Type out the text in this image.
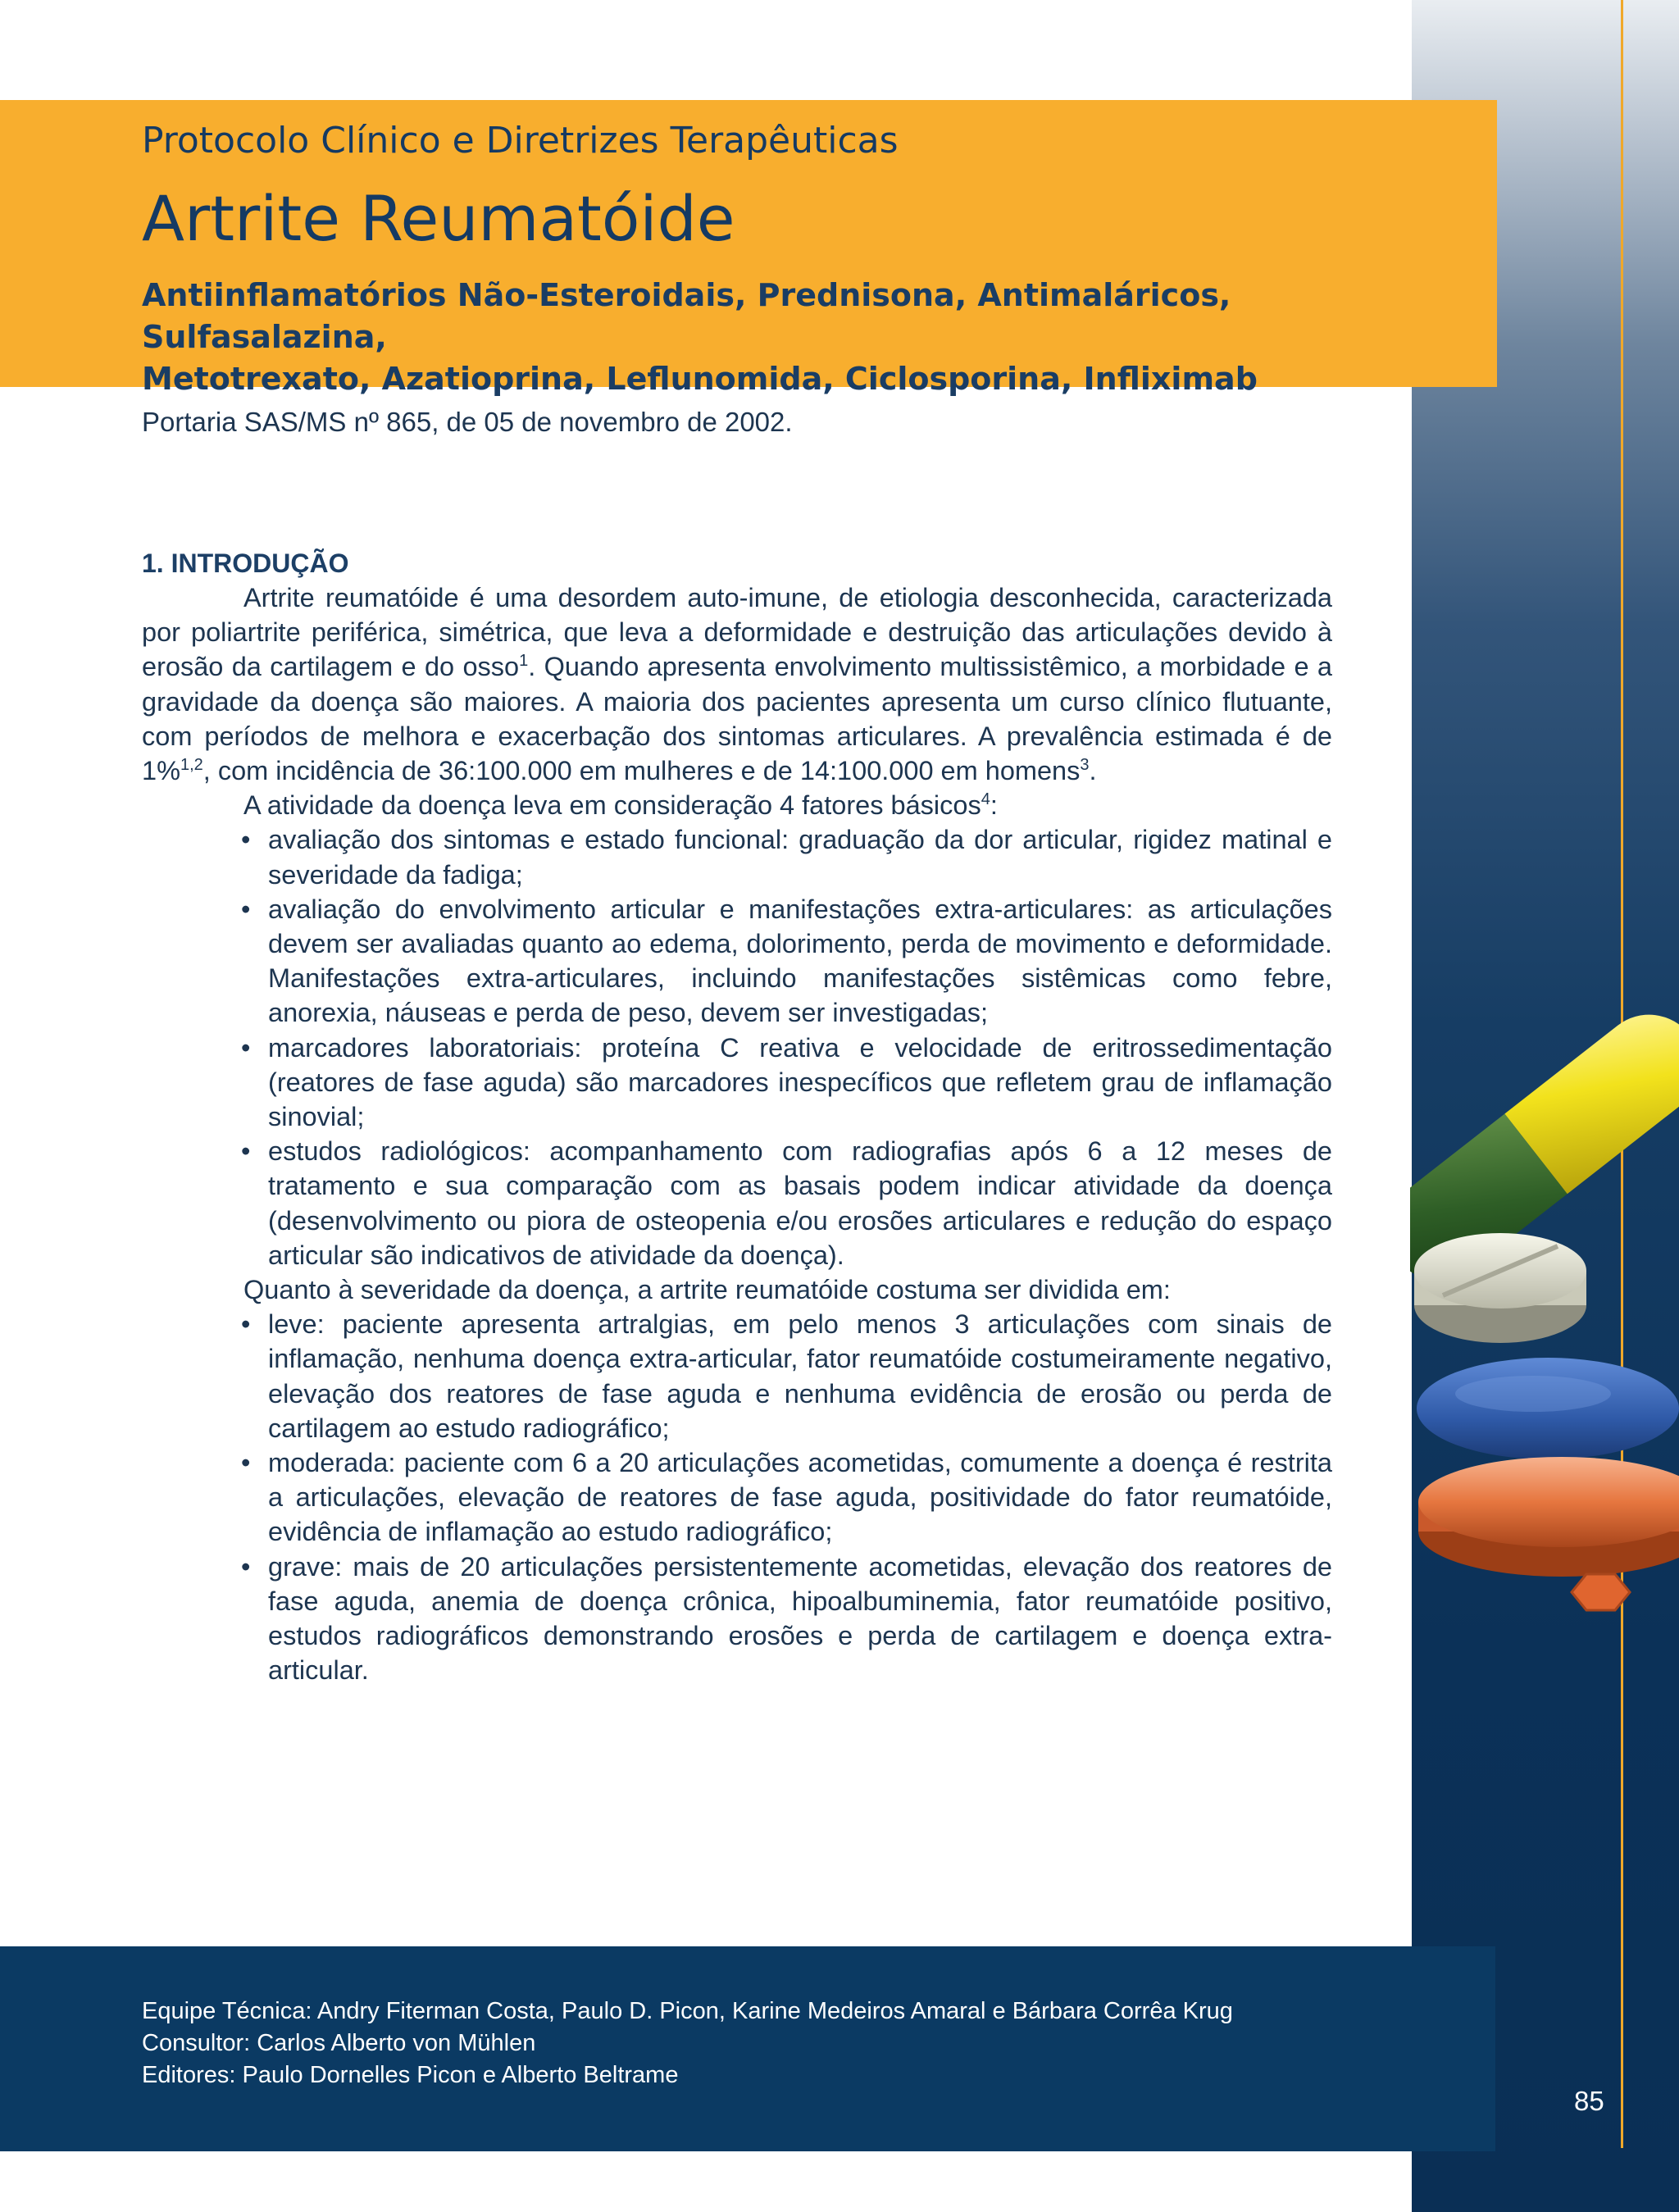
Protocolo Clínico e Diretrizes Terapêuticas
Artrite Reumatóide
Antiinflamatórios Não-Esteroidais, Prednisona, Antimaláricos, Sulfasalazina,
Metotrexato, Azatioprina, Leflunomida, Ciclosporina, Infliximab
Portaria SAS/MS nº 865, de 05 de novembro de 2002.
1. INTRODUÇÃO

Artrite reumatóide é uma desordem auto-imune, de etiologia desconhecida, caracterizada por poliartrite periférica, simétrica, que leva a deformidade e destruição das articulações devido à erosão da cartilagem e do osso$^1$. Quando apresenta envolvimento multissistêmico, a morbidade e a gravidade da doença são maiores. A maioria dos pacientes apresenta um curso clínico flutuante, com períodos de melhora e exacerbação dos sintomas articulares. A prevalência estimada é de 1%$^{1,2}$, com incidência de 36:100.000 em mulheres e de 14:100.000 em homens$^3$.

A atividade da doença leva em consideração 4 fatores básicos$^4$:

• avaliação dos sintomas e estado funcional: graduação da dor articular, rigidez matinal e severidade da fadiga;
• avaliação do envolvimento articular e manifestações extra-articulares: as articulações devem ser avaliadas quanto ao edema, dolorimento, perda de movimento e deformidade. Manifestações extra-articulares, incluindo manifestações sistêmicas como febre, anorexia, náuseas e perda de peso, devem ser investigadas;
• marcadores laboratoriais: proteína C reativa e velocidade de eritrossedimentação (reatores de fase aguda) são marcadores inespecíficos que refletem grau de inflamação sinovial;
• estudos radiológicos: acompanhamento com radiografias após 6 a 12 meses de tratamento e sua comparação com as basais podem indicar atividade da doença (desenvolvimento ou piora de osteopenia e/ou erosões articulares e redução do espaço articular são indicativos de atividade da doença).

Quanto à severidade da doença, a artrite reumatóide costuma ser dividida em:

• leve: paciente apresenta artralgias, em pelo menos 3 articulações com sinais de inflamação, nenhuma doença extra-articular, fator reumatóide costumeiramente negativo, elevação dos reatores de fase aguda e nenhuma evidência de erosão ou perda de cartilagem ao estudo radiográfico;
• moderada: paciente com 6 a 20 articulações acometidas, comumente a doença é restrita a articulações, elevação de reatores de fase aguda, positividade do fator reumatóide, evidência de inflamação ao estudo radiográfico;
• grave: mais de 20 articulações persistentemente acometidas, elevação dos reatores de fase aguda, anemia de doença crônica, hipoalbuminemia, fator reumatóide positivo, estudos radiográficos demonstrando erosões e perda de cartilagem e doença extra-articular.
Equipe Técnica: Andry Fiterman Costa, Paulo D. Picon, Karine Medeiros Amaral e Bárbara Corrêa Krug
Consultor: Carlos Alberto von Mühlen
Editores: Paulo Dornelles Picon e Alberto Beltrame
85
